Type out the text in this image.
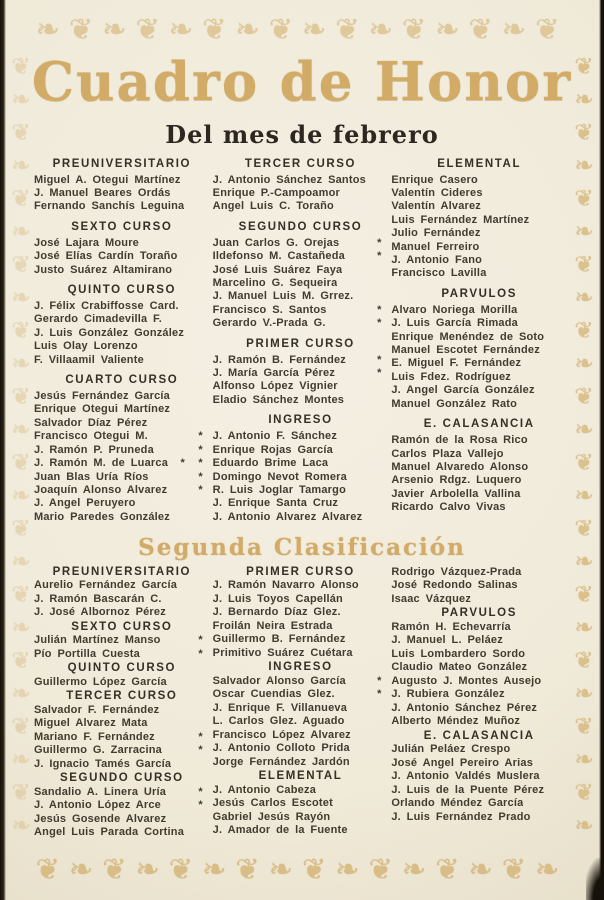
❧❦❧❦❧❦❧❦❧❦❧❦❧❦❧❦
❦❧❦❧❦❧❦❧❦❧❦❧❦❧❦❧
❦❧❦❧❦❧❦❧❦❧❦❧❦❧❦❧❦❧❦❧❦❧❦❧❦❧❦❧
❦❧❦❧❦❧❦❧❦❧❦❧❦❧❦❧❦❧❦❧❦❧❦❧❦❧❦❧
Cuadro de Honor
Del mes de febrero
PREUNIVERSITARIO
Miguel A. Otegui Martínez
J. Manuel Beares Ordás
Fernando Sanchís Leguina
SEXTO CURSO
José Lajara Moure
José Elías Cardín Toraño
Justo Suárez Altamirano
QUINTO CURSO
J. Félix Crabiffosse Card.
Gerardo Cimadevilla F.
J. Luis González González
Luis Olay Lorenzo
F. Villaamil Valiente
CUARTO CURSO
Jesús Fernández García
Enrique Otegui Martínez
Salvador Díaz Pérez
Francisco Otegui M.	*
J. Ramón P. Pruneda	*
J. Ramón M. de Luarca	* *
Juan Blas Uría Ríos	*
Joaquín Alonso Alvarez	*
J. Angel Peruyero
Mario Paredes González
TERCER CURSO
J. Antonio Sánchez Santos
Enrique P.-Campoamor
Angel Luis C. Toraño
SEGUNDO CURSO
Juan Carlos G. Orejas	*
Ildefonso M. Castañeda	*
José Luis Suárez Faya
Marcelino G. Sequeira
J. Manuel Luis M. Grrez.
Francisco S. Santos	*
Gerardo V.-Prada G.	*
PRIMER CURSO
J. Ramón B. Fernández	*
J. María García Pérez	*
Alfonso López Vignier
Eladio Sánchez Montes
INGRESO
J. Antonio F. Sánchez
Enrique Rojas García
Eduardo Brime Laca
Domingo Nevot Romera
R. Luis Joglar Tamargo
J. Enrique Santa Cruz
J. Antonio Alvarez Alvarez
ELEMENTAL
Enrique Casero
Valentín Cideres
Valentín Alvarez
Luis Fernández Martínez
Julio Fernández
Manuel Ferreiro
J. Antonio Fano
Francisco Lavilla
PARVULOS
Alvaro Noriega Morilla
J. Luis García Rimada
Enrique Menéndez de Soto
Manuel Escotet Fernández
E. Miguel F. Fernández
Luis Fdez. Rodríguez
J. Angel García González
Manuel González Rato
E. CALASANCIA
Ramón de la Rosa Rico
Carlos Plaza Vallejo
Manuel Alvaredo Alonso
Arsenio Rdgz. Luquero
Javier Arbolella Vallina
Ricardo Calvo Vivas
Segunda Clasificación
PREUNIVERSITARIO
Aurelio Fernández García
J. Ramón Bascarán C.
J. José Albornoz Pérez
SEXTO CURSO
Julián Martínez Manso	*
Pío Portilla Cuesta	*
QUINTO CURSO
Guillermo López García
TERCER CURSO
Salvador F. Fernández
Miguel Alvarez Mata
Mariano F. Fernández	*
Guillermo G. Zarracina	*
J. Ignacio Tamés García
SEGUNDO CURSO
Sandalio A. Linera Uría	*
J. Antonio López Arce	*
Jesús Gosende Alvarez
Angel Luis Parada Cortina
PRIMER CURSO
J. Ramón Navarro Alonso
J. Luis Toyos Capellán
J. Bernardo Díaz Glez.
Froilán Neira Estrada
Guillermo B. Fernández
Primitivo Suárez Cuétara
INGRESO
Salvador Alonso García	*
Oscar Cuendias Glez.	*
J. Enrique F. Villanueva
L. Carlos Glez. Aguado
Francisco López Alvarez
J. Antonio Colloto Prida
Jorge Fernández Jardón
ELEMENTAL
J. Antonio Cabeza
Jesús Carlos Escotet
Gabriel Jesús Rayón
J. Amador de la Fuente
Rodrigo Vázquez-Prada
José Redondo Salinas
Isaac Vázquez
PARVULOS
Ramón H. Echevarría
J. Manuel L. Peláez
Luis Lombardero Sordo
Claudio Mateo González
Augusto J. Montes Ausejo
J. Rubiera González
J. Antonio Sánchez Pérez
Alberto Méndez Muñoz
E. CALASANCIA
Julián Peláez Crespo
José Angel Pereiro Arias
J. Antonio Valdés Muslera
J. Luis de la Puente Pérez
Orlando Méndez García
J. Luis Fernández Prado
